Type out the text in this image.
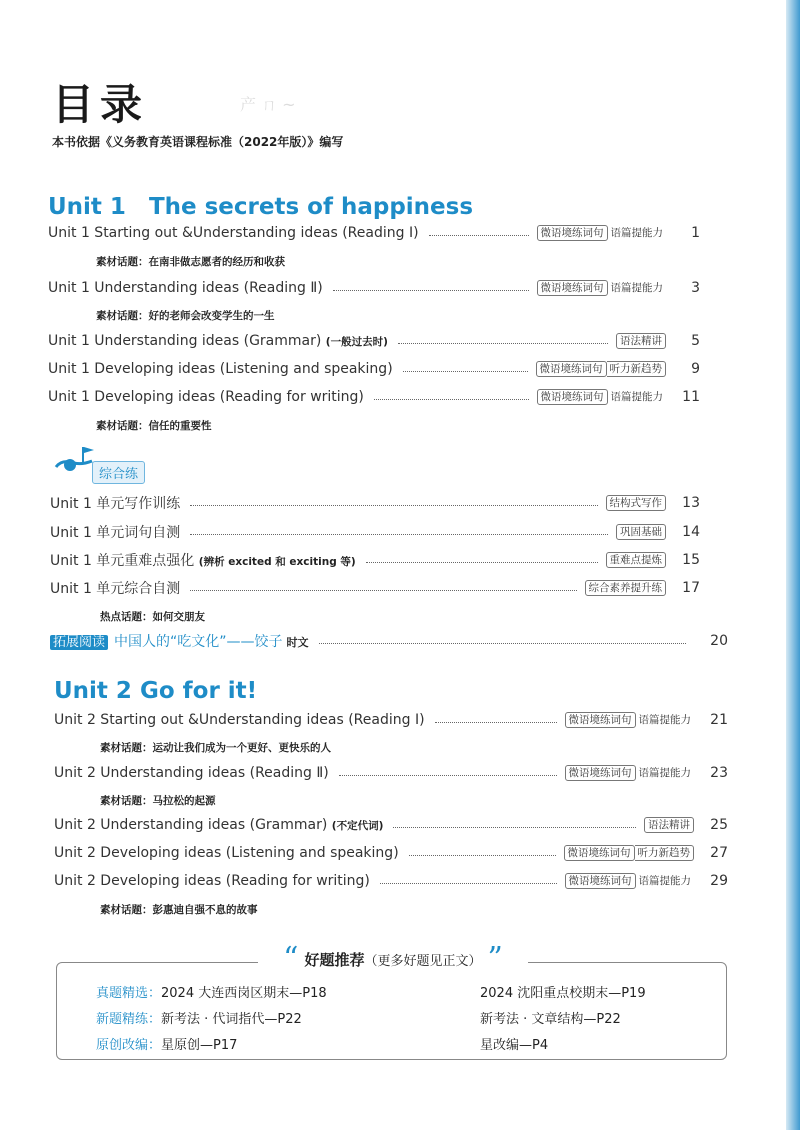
目录	产 ㄇ ~
本书依据《义务教育英语课程标准（2022年版）》编写
Unit 1　The secrets of happiness
Unit 1 Starting out &Understanding ideas (Reading Ⅰ)	微语境练词句 语篇提能力	1
素材话题：在南非做志愿者的经历和收获
Unit 1 Understanding ideas (Reading Ⅱ)	微语境练词句 语篇提能力	3
素材话题：好的老师会改变学生的一生
Unit 1 Understanding ideas (Grammar) (一般过去时)	语法精讲	5
Unit 1 Developing ideas (Listening and speaking)	微语境练词句 听力新趋势	9
Unit 1 Developing ideas (Reading for writing)	微语境练词句 语篇提能力	11
素材话题：信任的重要性
综合练
Unit 1 单元写作训练	结构式写作	13
Unit 1 单元词句自测	巩固基础	14
Unit 1 单元重难点强化 (辨析 excited 和 exciting 等)	重难点提炼	15
Unit 1 单元综合自测	综合素养提升练	17
热点话题：如何交朋友
拓展阅读 中国人的“吃文化”——饺子 时文	20
Unit 2 Go for it!
Unit 2 Starting out &Understanding ideas (Reading Ⅰ)	微语境练词句 语篇提能力	21
素材话题：运动让我们成为一个更好、更快乐的人
Unit 2 Understanding ideas (Reading Ⅱ)	微语境练词句 语篇提能力	23
素材话题：马拉松的起源
Unit 2 Understanding ideas (Grammar) (不定代词)	语法精讲	25
Unit 2 Developing ideas (Listening and speaking)	微语境练词句 听力新趋势	27
Unit 2 Developing ideas (Reading for writing)	微语境练词句 语篇提能力	29
素材话题：彭惠迪自强不息的故事
“ 好题推荐（更多好题见正文） ”
真题精选：2024 大连西岗区期末—P18	2024 沈阳重点校期末—P19
新题精练：新考法 · 代词指代—P22	新考法 · 文章结构—P22
原创改编：星原创—P17	星改编—P4
